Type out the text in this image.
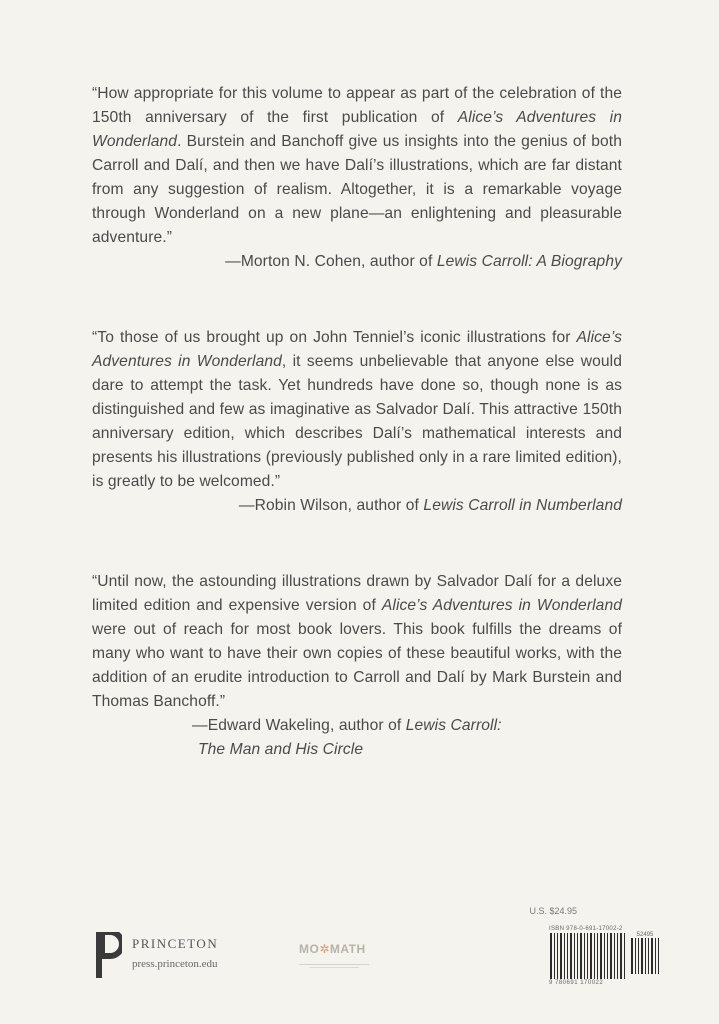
“How appropriate for this volume to appear as part of the celebration of the 150th anniversary of the first publication of Alice’s Adventures in Wonderland. Burstein and Banchoff give us insights into the genius of both Carroll and Dalí, and then we have Dalí’s illustrations, which are far distant from any suggestion of realism. Altogether, it is a remarkable voyage through Wonderland on a new plane—an enlightening and pleasurable adventure.”
—Morton N. Cohen, author of Lewis Carroll: A Biography
“To those of us brought up on John Tenniel’s iconic illustrations for Alice’s Adventures in Wonderland, it seems unbelievable that anyone else would dare to attempt the task. Yet hundreds have done so, though none is as distinguished and few as imaginative as Salvador Dalí. This attractive 150th anniversary edition, which describes Dalí’s mathematical interests and presents his illustrations (previously published only in a rare limited edition), is greatly to be welcomed.”
—Robin Wilson, author of Lewis Carroll in Numberland
“Until now, the astounding illustrations drawn by Salvador Dalí for a deluxe limited edition and expensive version of Alice’s Adventures in Wonderland were out of reach for most book lovers. This book fulfills the dreams of many who want to have their own copies of these beautiful works, with the addition of an erudite introduction to Carroll and Dalí by Mark Burstein and Thomas Banchoff.”
—Edward Wakeling, author of Lewis Carroll:
The Man and His Circle
U.S. $24.95
PRINCETON
press.princeton.edu
MO✲MATH
ISBN 978-0-691-17002-2
52495
9 780691 170022
